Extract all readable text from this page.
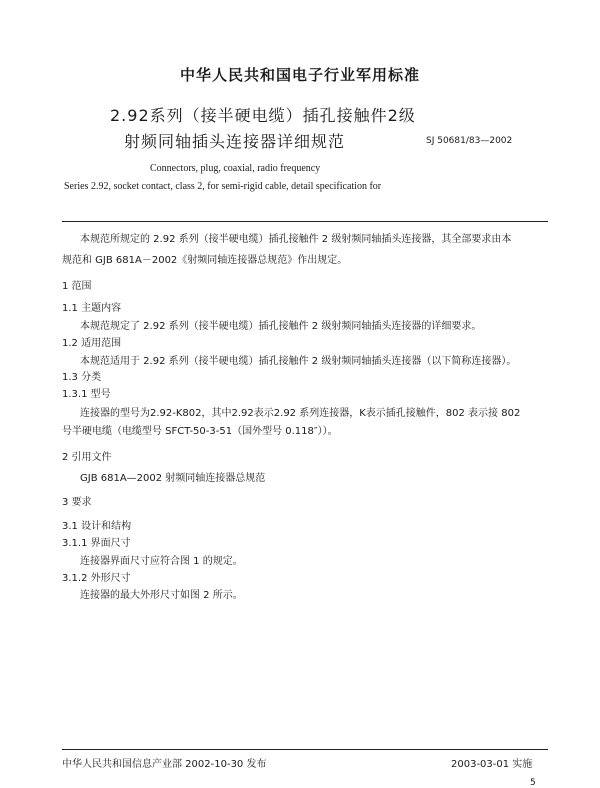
中华人民共和国电子行业军用标准
2.92系列（接半硬电缆）插孔接触件2级
射频同轴插头连接器详细规范	SJ 50681/83—2002
Connectors, plug, coaxial, radio frequency
Series 2.92, socket contact, class 2, for semi-rigid cable, detail specification for
本规范所规定的 2.92 系列（接半硬电缆）插孔接触件 2 级射频同轴插头连接器，其全部要求由本
规范和 GJB 681A－2002《射频同轴连接器总规范》作出规定。
1 范围
1.1 主题内容
本规范规定了 2.92 系列（接半硬电缆）插孔接触件 2 级射频同轴插头连接器的详细要求。
1.2 适用范围
本规范适用于 2.92 系列（接半硬电缆）插孔接触件 2 级射频同轴插头连接器（以下简称连接器）。
1.3 分类
1.3.1 型号
连接器的型号为2.92-K802，其中2.92表示2.92 系列连接器，K表示插孔接触件，802 表示接 802
号半硬电缆（电缆型号 SFCT-50-3-51（国外型号 0.118″））。
2 引用文件
GJB 681A—2002 射频同轴连接器总规范
3 要求
3.1 设计和结构
3.1.1 界面尺寸
连接器界面尺寸应符合图 1 的规定。
3.1.2 外形尺寸
连接器的最大外形尺寸如图 2 所示。
中华人民共和国信息产业部 2002-10-30 发布	2003-03-01 实施
5
